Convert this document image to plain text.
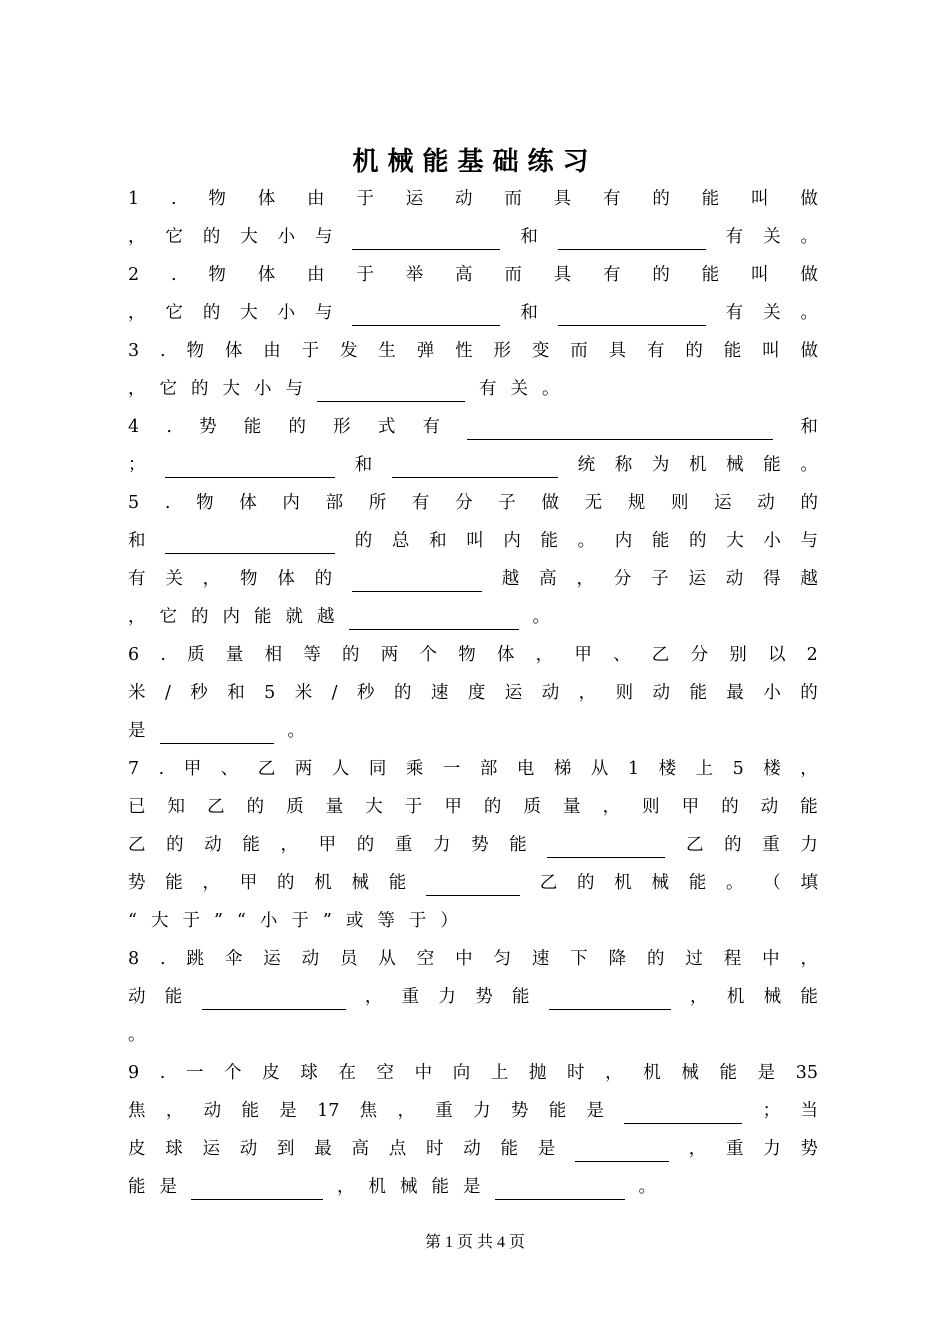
机械能基础练习
1 . 物 体 由 于 运 动 而 具 有 的 能 叫 做
， 它 的 大 小 与	和	有 关 。
2 . 物 体 由 于 举 高 而 具 有 的 能 叫 做
， 它 的 大 小 与	和	有 关 。
3 . 物 体 由 于 发 生 弹 性 形 变 而 具 有 的 能 叫 做
， 它 的 大 小 与	有 关 。
4 . 势 能 的 形 式 有	和
；	和	统 称 为 机 械 能 。
5 . 物 体 内 部 所 有 分 子 做 无 规 则 运 动 的
和	的 总 和 叫 内 能 。 内 能 的 大 小 与
有 关 ， 物 体 的	越 高 ， 分 子 运 动 得 越
， 它 的 内 能 就 越	。
6 . 质 量 相 等 的 两 个 物 体 ， 甲 、 乙 分 别 以 2
米 / 秒 和 5 米 / 秒 的 速 度 运 动 ， 则 动 能 最 小 的
是	。
7 . 甲 、 乙 两 人 同 乘 一 部 电 梯 从 1 楼 上 5 楼 ，
已 知 乙 的 质 量 大 于 甲 的 质 量 ， 则 甲 的 动 能
乙 的 动 能 ， 甲 的 重 力 势 能	乙 的 重 力
势 能 ， 甲 的 机 械 能	乙 的 机 械 能 。 （ 填
“ 大 于 ” “ 小 于 ” 或 等 于 ）
8 . 跳 伞 运 动 员 从 空 中 匀 速 下 降 的 过 程 中 ，
动 能	， 重 力 势 能	， 机 械 能
。
9 . 一 个 皮 球 在 空 中 向 上 抛 时 ， 机 械 能 是 35
焦 ， 动 能 是 17 焦 ， 重 力 势 能 是	； 当
皮 球 运 动 到 最 高 点 时 动 能 是	， 重 力 势
能 是	， 机 械 能 是	。
第 1 页 共 4 页
